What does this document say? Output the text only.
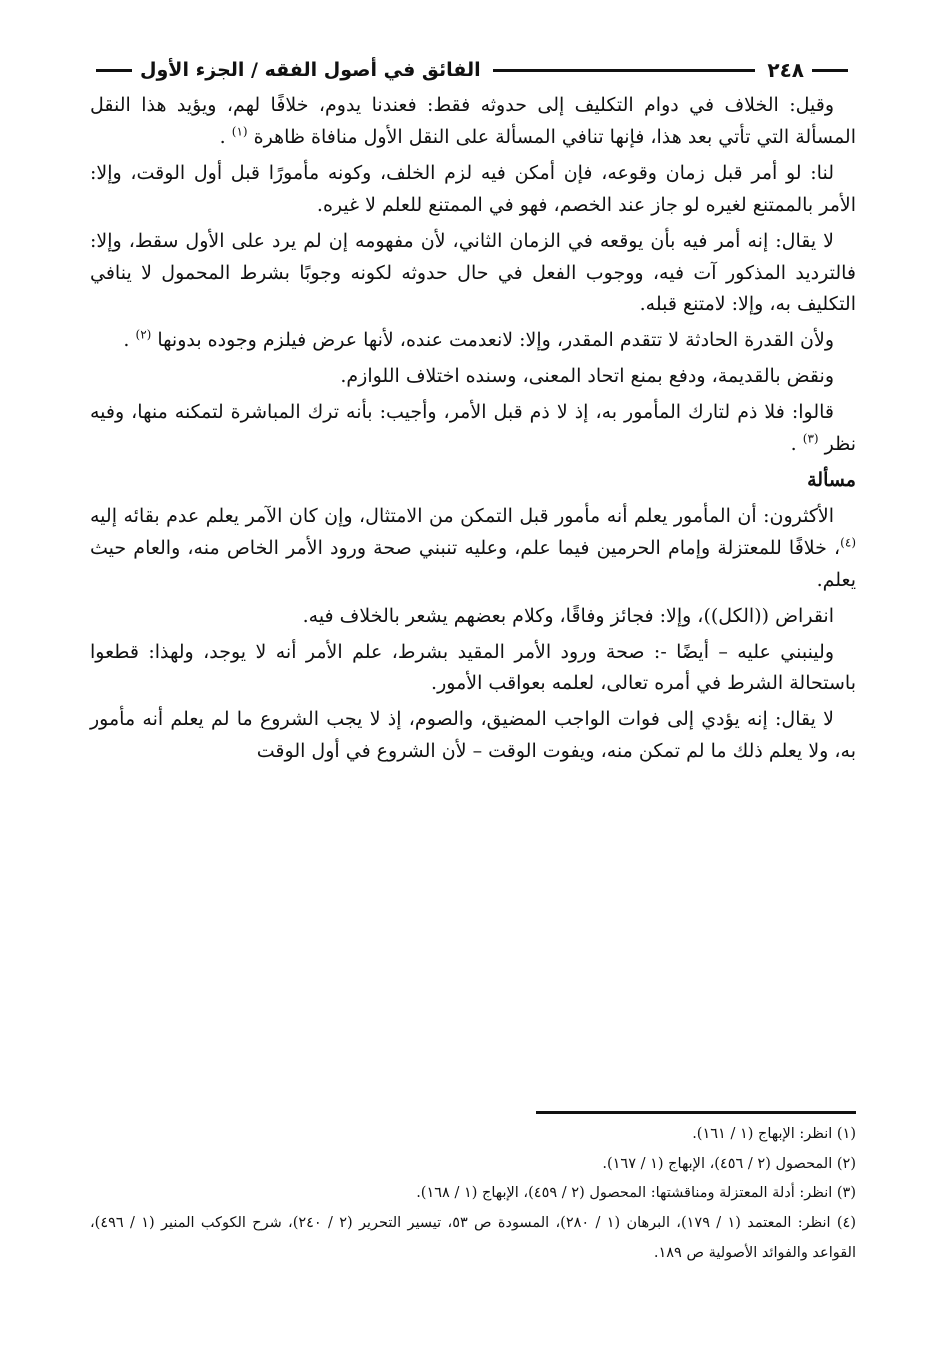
٢٤٨
الفائق في أصول الفقه / الجزء الأول

وقيل: الخلاف في دوام التكليف إلى حدوثه فقط: فعندنا يدوم، خلافًا لهم، ويؤيد هذا النقل المسألة التي تأتي بعد هذا، فإنها تنافي المسألة على النقل الأول منافاة ظاهرة $^{(١)}$ .

لنا: لو أمر قبل زمان وقوعه، فإن أمكن فيه لزم الخلف، وكونه مأمورًا قبل أول الوقت، وإلا: الأمر بالممتنع لغيره لو جاز عند الخصم، فهو في الممتنع للعلم لا غيره.

لا يقال: إنه أمر فيه بأن يوقعه في الزمان الثاني، لأن مفهومه إن لم يرد على الأول سقط، وإلا: فالترديد المذكور آت فيه، ووجوب الفعل في حال حدوثه لكونه وجوبًا بشرط المحمول لا ينافي التكليف به، وإلا: لامتنع قبله.

ولأن القدرة الحادثة لا تتقدم المقدر، وإلا: لانعدمت عنده، لأنها عرض فيلزم وجوده بدونها $^{(٢)}$ .

ونقض بالقديمة، ودفع بمنع اتحاد المعنى، وسنده اختلاف اللوازم.

قالوا: فلا ذم لتارك المأمور به، إذ لا ذم قبل الأمر، وأجيب: بأنه ترك المباشرة لتمكنه منها، وفيه نظر $^{(٣)}$ .

مسألة

الأكثرون: أن المأمور يعلم أنه مأمور قبل التمكن من الامتثال، وإن كان الآمر يعلم عدم بقائه إليه $^{(٤)}$، خلافًا للمعتزلة وإمام الحرمين فيما علم، وعليه تنبني صحة ورود الأمر الخاص منه، والعام حيث يعلم.

انقراض ((الكل))، وإلا: فجائز وفاقًا، وكلام بعضهم يشعر بالخلاف فيه.

ولينبني عليه – أيضًا -: صحة ورود الأمر المقيد بشرط، علم الأمر أنه لا يوجد، ولهذا: قطعوا باستحالة الشرط في أمره تعالى، لعلمه بعواقب الأمور.

لا يقال: إنه يؤدي إلى فوات الواجب المضيق، والصوم، إذ لا يجب الشروع ما لم يعلم أنه مأمور به، ولا يعلم ذلك ما لم تمكن منه، ويفوت الوقت – لأن الشروع في أول الوقت

(١) انظر: الإبهاج (١ / ١٦١).

(٢) المحصول (٢ / ٤٥٦)، الإبهاج (١ / ١٦٧).

(٣) انظر: أدلة المعتزلة ومناقشتها: المحصول (٢ / ٤٥٩)، الإبهاج (١ / ١٦٨).

(٤) انظر: المعتمد (١ / ١٧٩)، البرهان (١ / ٢٨٠)، المسودة ص ٥٣، تيسير التحرير (٢ / ٢٤٠)، شرح الكوكب المنير (١ / ٤٩٦)، القواعد والفوائد الأصولية ص ١٨٩.
